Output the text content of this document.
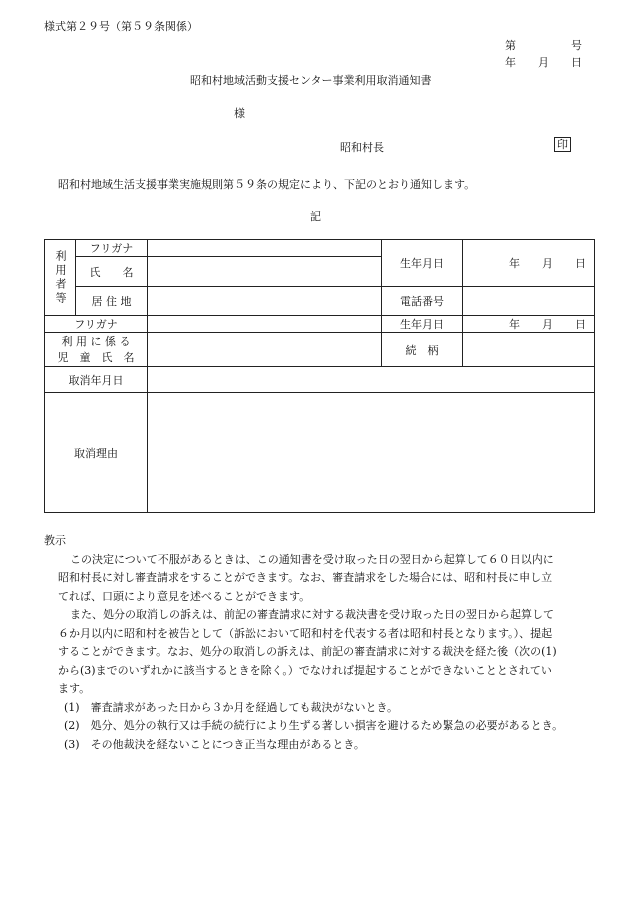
様式第２９号（第５９条関係）
第　　　　　号
年　　月　　日
昭和村地域活動支援センター事業利用取消通知書
様
昭和村長	印
昭和村地域生活支援事業実施規則第５９条の規定により、下記のとおり通知します。
記
利用者等	フリガナ		生年月日	年　　月　　日
	氏　　名			
	居 住 地		電話番号	
フリガナ			生年月日	年　　月　　日

利 用 に 係 る
児　童　氏　名			続　柄	
取消年月日				
取消理由				

教示

この決定について不服があるときは、この通知書を受け取った日の翌日から起算して６０日以内に

昭和村長に対し審査請求をすることができます。なお、審査請求をした場合には、昭和村長に申し立

てれば、口頭により意見を述べることができます。

また、処分の取消しの訴えは、前記の審査請求に対する裁決書を受け取った日の翌日から起算して

６か月以内に昭和村を被告として（訴訟において昭和村を代表する者は昭和村長となります。）、提起

することができます。なお、処分の取消しの訴えは、前記の審査請求に対する裁決を経た後（次の(1)

から(3)までのいずれかに該当するときを除く。）でなければ提起することができないこととされてい

ます。

(1)　審査請求があった日から３か月を経過しても裁決がないとき。

(2)　処分、処分の執行又は手続の続行により生ずる著しい損害を避けるため緊急の必要があるとき。

(3)　その他裁決を経ないことにつき正当な理由があるとき。
